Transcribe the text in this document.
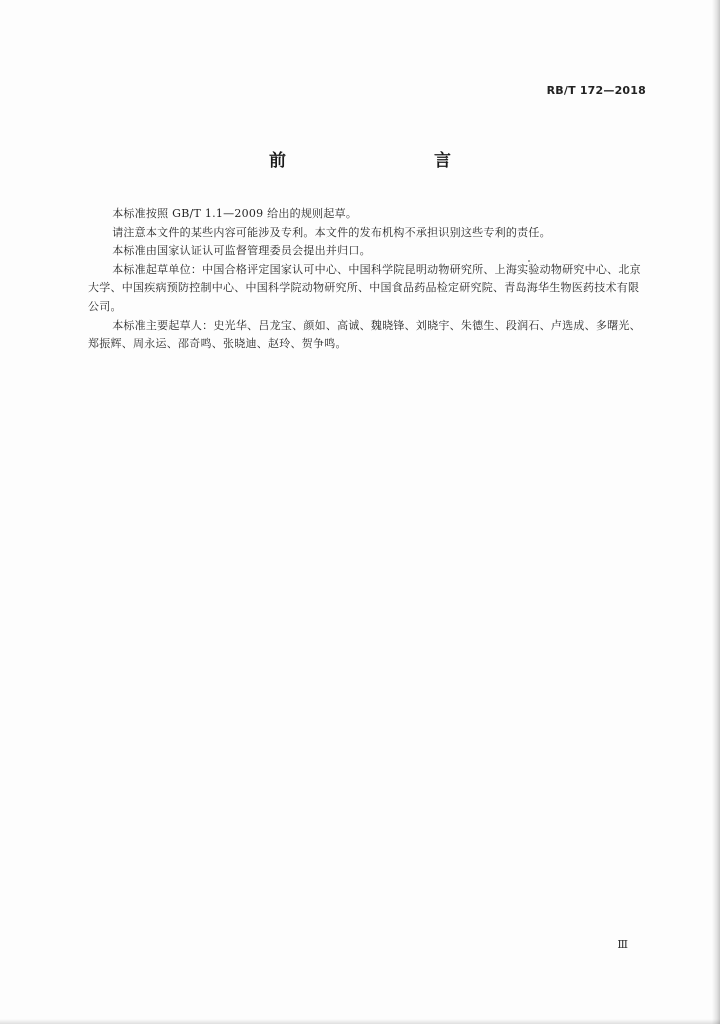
RB/T 172—2018
前　　言

本标准按照 GB/T 1.1—2009 给出的规则起草。

请注意本文件的某些内容可能涉及专利。本文件的发布机构不承担识别这些专利的责任。

本标准由国家认证认可监督管理委员会提出并归口。

本标准起草单位：中国合格评定国家认可中心、中国科学院昆明动物研究所、上海实验动物研究中心、北京大学、中国疾病预防控制中心、中国科学院动物研究所、中国食品药品检定研究院、青岛海华生物医药技术有限公司。

本标准主要起草人：史光华、吕龙宝、颜如、高诚、魏晓锋、刘晓宇、朱德生、段润石、卢选成、多曙光、郑振辉、周永运、邵奇鸣、张晓迪、赵玲、贺争鸣。

Ⅲ
